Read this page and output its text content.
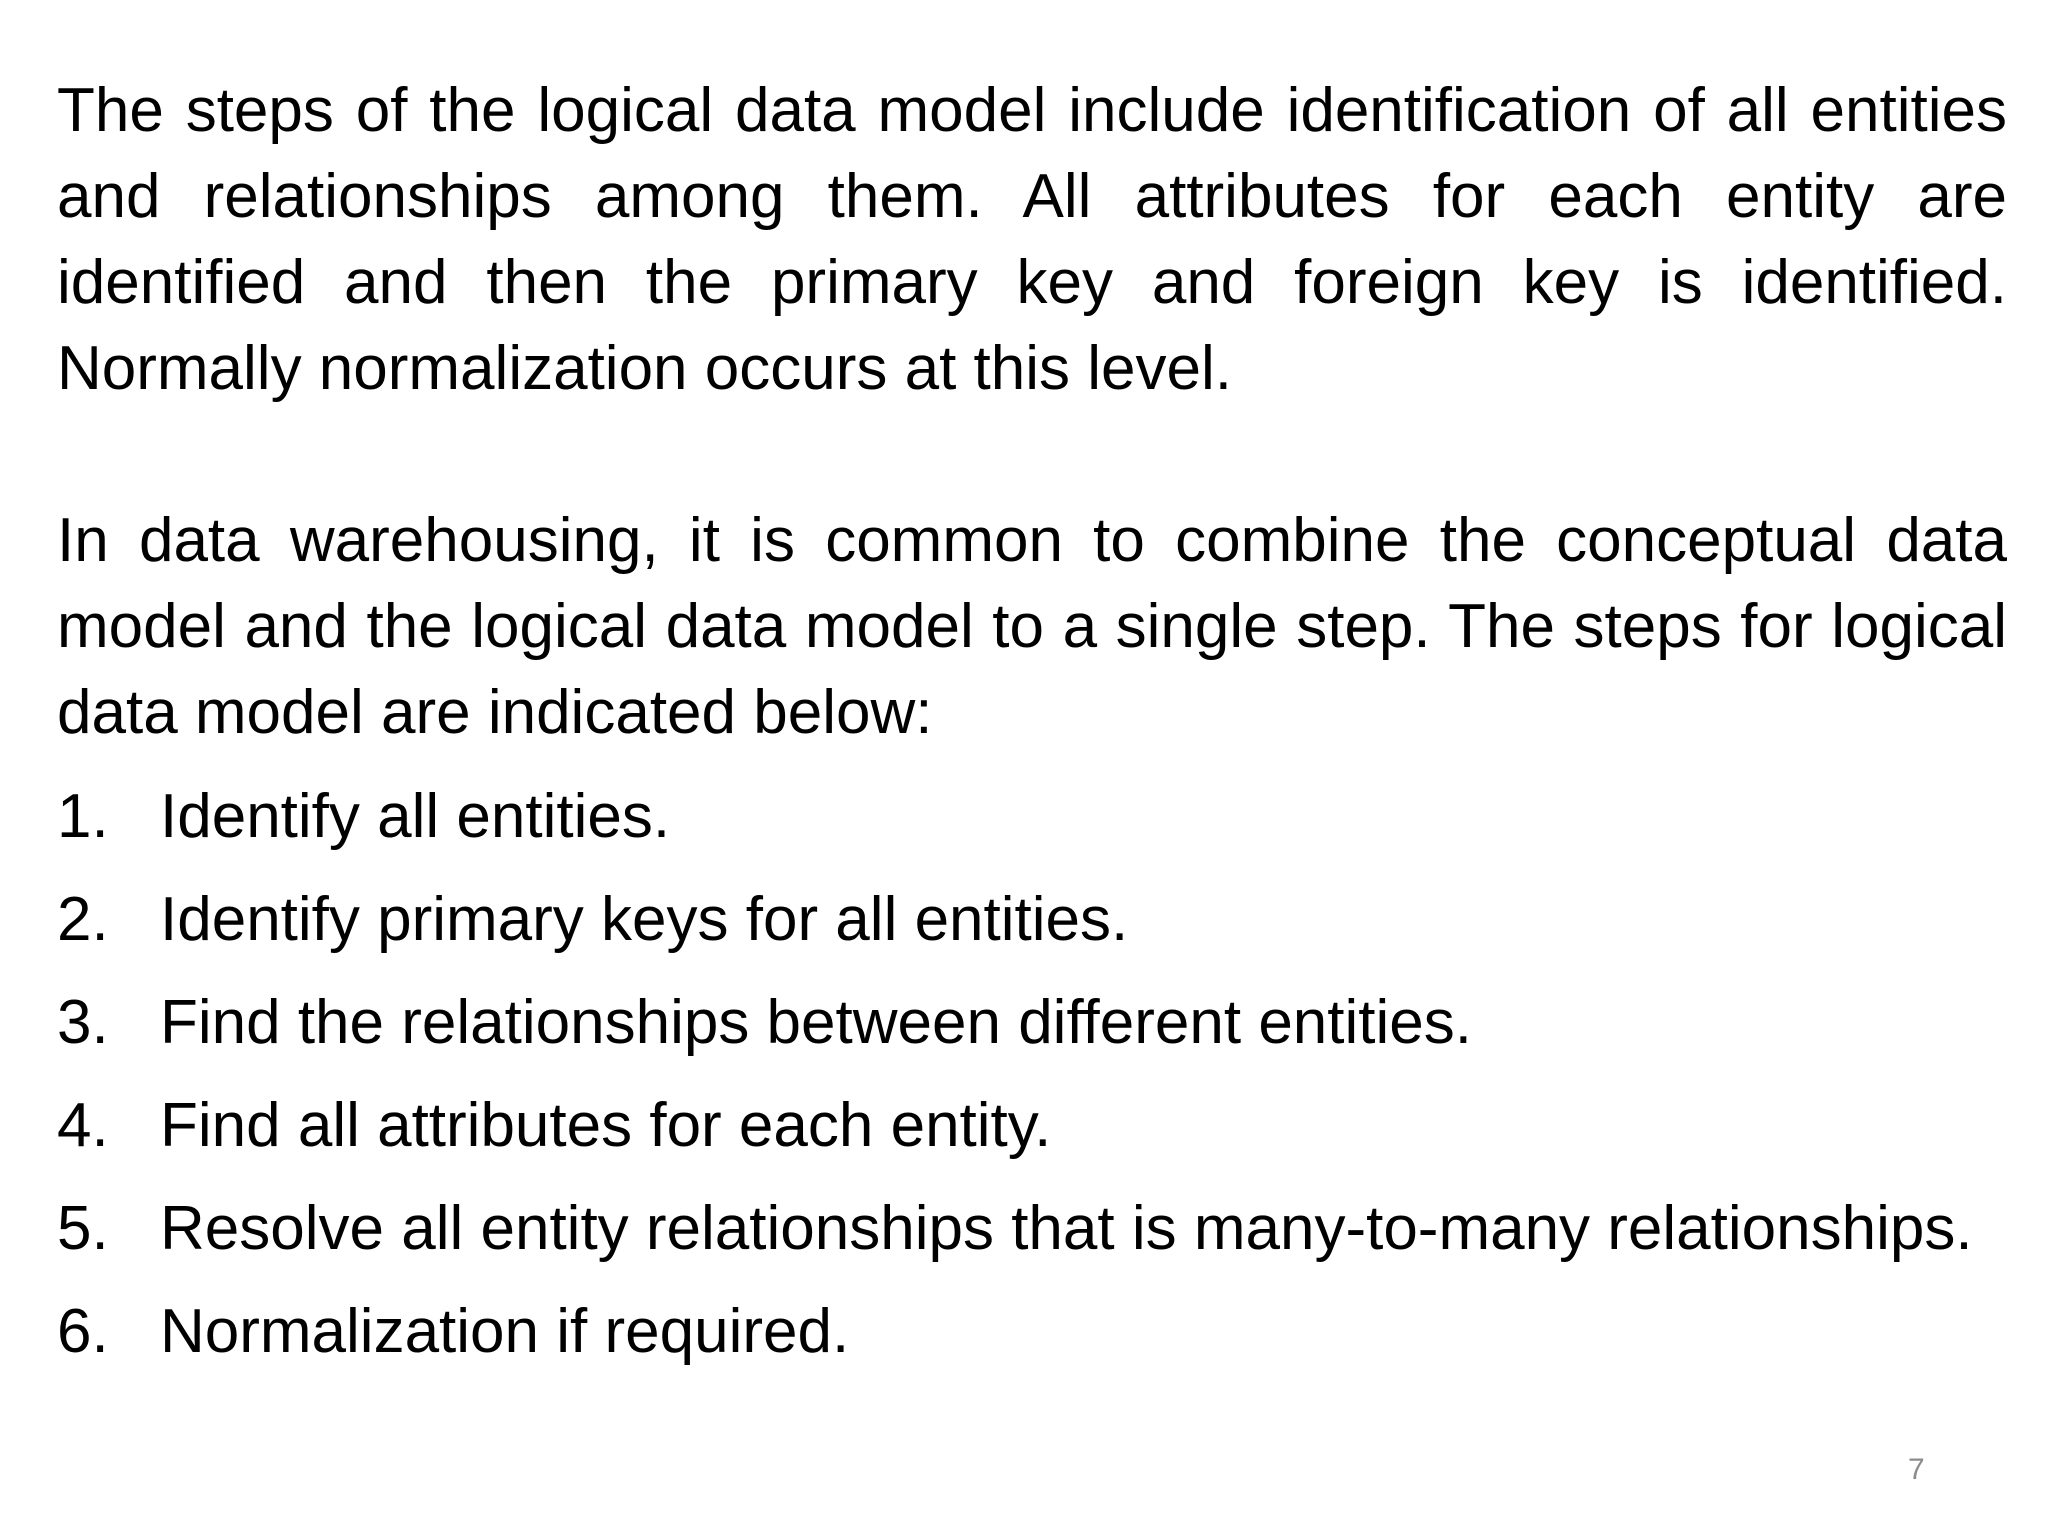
The steps of the logical data model include identification of all entities and relationships among them. All attributes for each entity are identified and then the primary key and foreign key is identified. Normally normalization occurs at this level.

In data warehousing, it is common to combine the conceptual data model and the logical data model to a single step. The steps for logical data model are indicated below:

1. Identify all entities.
2. Identify primary keys for all entities.
3. Find the relationships between different entities.
4. Find all attributes for each entity.
5. Resolve all entity relationships that is many-to-many relationships.
6. Normalization if required.
7
